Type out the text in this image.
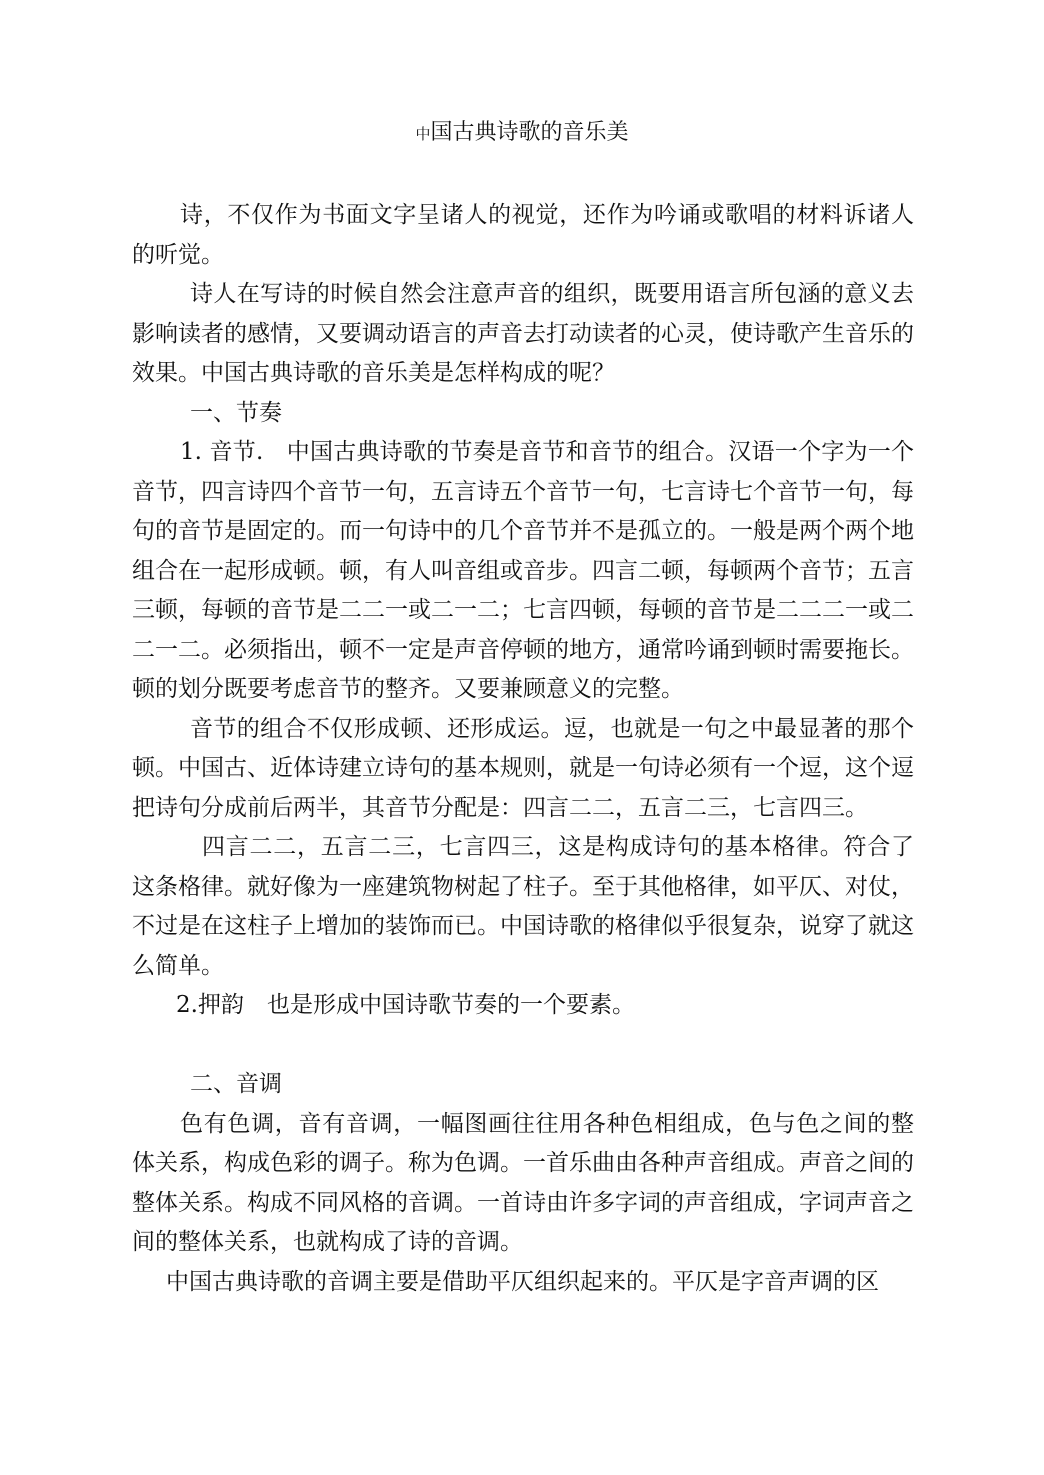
中国古典诗歌的音乐美

诗，不仅作为书面文字呈诸人的视觉，还作为吟诵或歌唱的材料诉诸人的听觉。

诗人在写诗的时候自然会注意声音的组织，既要用语言所包涵的意义去影响读者的感情，又要调动语言的声音去打动读者的心灵，使诗歌产生音乐的效果。中国古典诗歌的音乐美是怎样构成的呢？

一、节奏

1. 音节.　中国古典诗歌的节奏是音节和音节的组合。汉语一个字为一个音节，四言诗四个音节一句，五言诗五个音节一句，七言诗七个音节一句，每句的音节是固定的。而一句诗中的几个音节并不是孤立的。一般是两个两个地组合在一起形成顿。顿，有人叫音组或音步。四言二顿，每顿两个音节；五言三顿，每顿的音节是二二一或二一二；七言四顿，每顿的音节是二二二一或二二一二。必须指出，顿不一定是声音停顿的地方，通常吟诵到顿时需要拖长。顿的划分既要考虑音节的整齐。又要兼顾意义的完整。

音节的组合不仅形成顿、还形成运。逗，也就是一句之中最显著的那个顿。中国古、近体诗建立诗句的基本规则，就是一句诗必须有一个逗，这个逗把诗句分成前后两半，其音节分配是：四言二二，五言二三，七言四三。

四言二二，五言二三，七言四三，这是构成诗句的基本格律。符合了这条格律。就好像为一座建筑物树起了柱子。至于其他格律，如平仄、对仗，不过是在这柱子上增加的装饰而已。中国诗歌的格律似乎很复杂，说穿了就这么简单。

2.押韵　也是形成中国诗歌节奏的一个要素。

二、音调

色有色调，音有音调，一幅图画往往用各种色相组成，色与色之间的整体关系，构成色彩的调子。称为色调。一首乐曲由各种声音组成。声音之间的整体关系。构成不同风格的音调。一首诗由许多字词的声音组成，字词声音之间的整体关系，也就构成了诗的音调。

中国古典诗歌的音调主要是借助平仄组织起来的。平仄是字音声调的区
